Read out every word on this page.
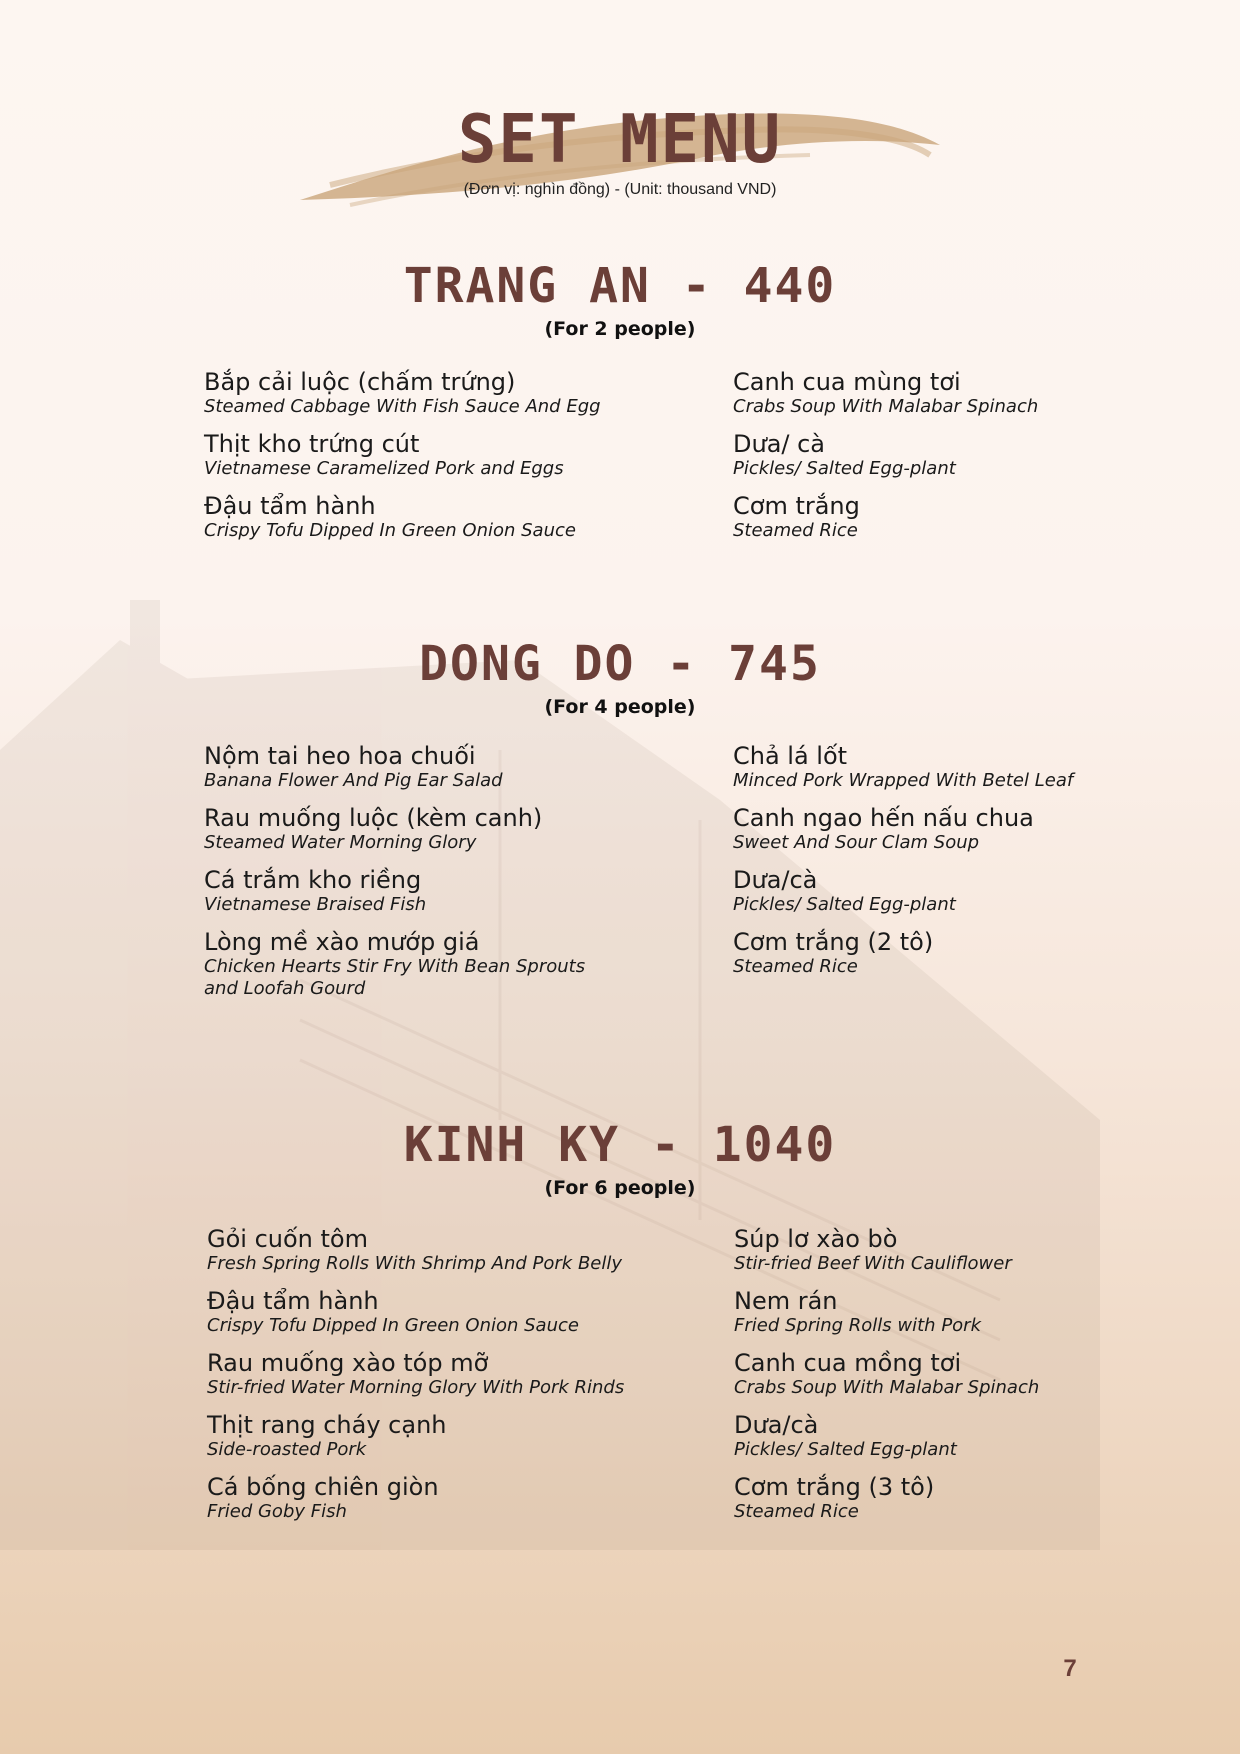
SET MENU
(Đơn vị: nghìn đồng) - (Unit: thousand VND)
TRANG AN - 440
(For 2 people)
Bắp cải luộc (chấm trứng)
Steamed Cabbage With Fish Sauce And Egg
Thịt kho trứng cút
Vietnamese Caramelized Pork and Eggs
Đậu tẩm hành
Crispy Tofu Dipped In Green Onion Sauce
Canh cua mùng tơi
Crabs Soup With Malabar Spinach
Dưa/ cà
Pickles/ Salted Egg-plant
Cơm trắng
Steamed Rice
DONG DO - 745
(For 4 people)
Nộm tai heo hoa chuối
Banana Flower And Pig Ear Salad
Rau muống luộc (kèm canh)
Steamed Water Morning Glory
Cá trắm kho riềng
Vietnamese Braised Fish
Lòng mề xào mướp giá
Chicken Hearts Stir Fry With Bean Sprouts
and Loofah Gourd
Chả lá lốt
Minced Pork Wrapped With Betel Leaf
Canh ngao hến nấu chua
Sweet And Sour Clam Soup
Dưa/cà
Pickles/ Salted Egg-plant
Cơm trắng (2 tô)
Steamed Rice
KINH KY - 1040
(For 6 people)
Gỏi cuốn tôm
Fresh Spring Rolls With Shrimp And Pork Belly
Đậu tẩm hành
Crispy Tofu Dipped In Green Onion Sauce
Rau muống xào tóp mỡ
Stir-fried Water Morning Glory With Pork Rinds
Thịt rang cháy cạnh
Side-roasted Pork
Cá bống chiên giòn
Fried Goby Fish
Súp lơ xào bò
Stir-fried Beef With Cauliflower
Nem rán
Fried Spring Rolls with Pork
Canh cua mồng tơi
Crabs Soup With Malabar Spinach
Dưa/cà
Pickles/ Salted Egg-plant
Cơm trắng (3 tô)
Steamed Rice
7
